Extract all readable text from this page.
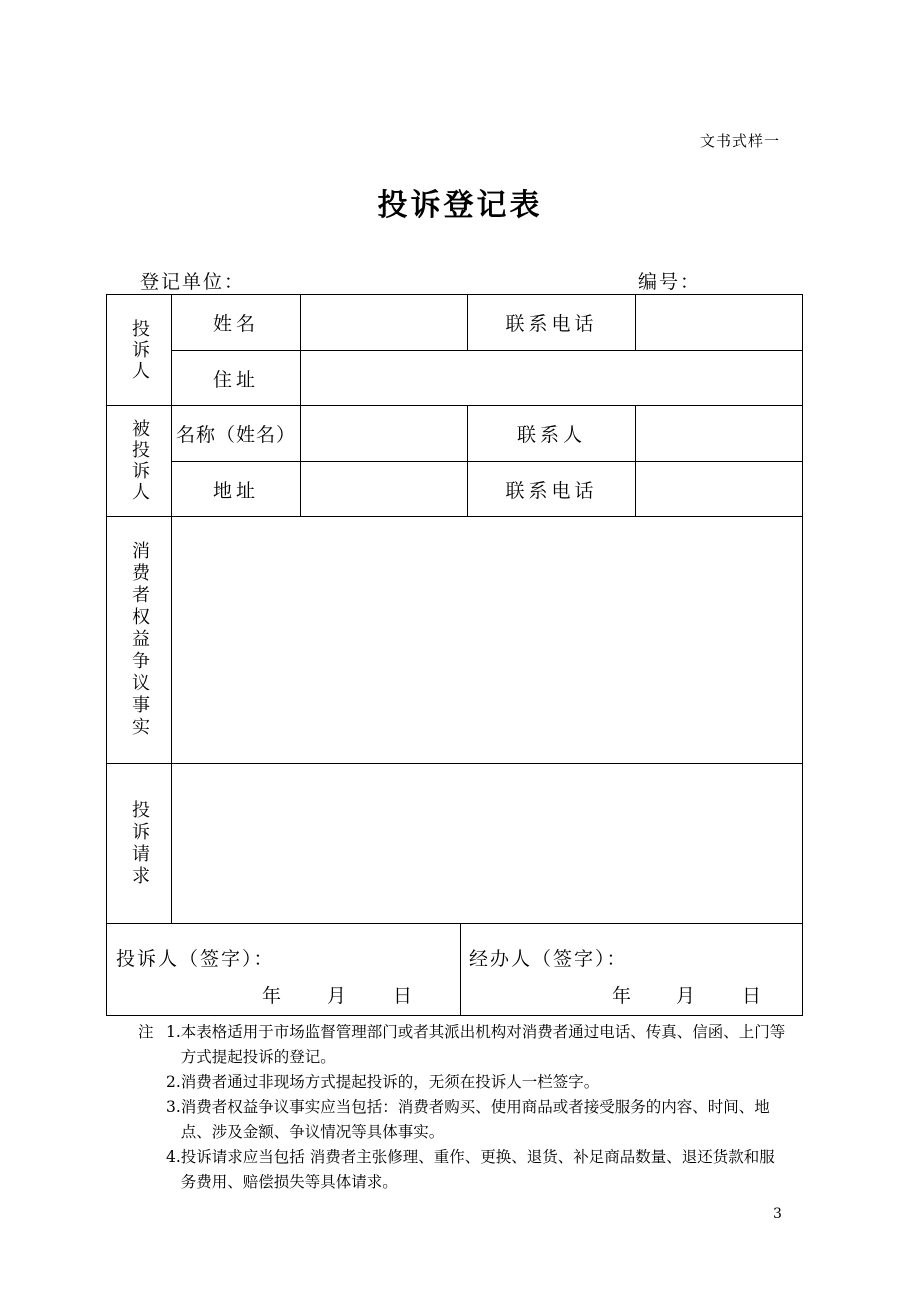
文书式样一
投诉登记表
登记单位：	编号：
投诉人	姓名	联系电话
住址
被投诉人 名称（姓名）	联系人
地址	联系电话
消费者权益争议事实
投诉请求
投诉人（签字）：
年 月 日
经办人（签字）：
年 月 日
注 1. 本表格适用于市场监督管理部门或者其派出机构对消费者通过电话、传真、信函、上门等方式提起投诉的登记。
2. 消费者通过非现场方式提起投诉的，无须在投诉人一栏签字。
3. 消费者权益争议事实应当包括：消费者购买、使用商品或者接受服务的内容、时间、地点、涉及金额、争议情况等具体事实。
4. 投诉请求应当包括 消费者主张修理、重作、更换、退货、补足商品数量、退还货款和服务费用、赔偿损失等具体请求。
3
